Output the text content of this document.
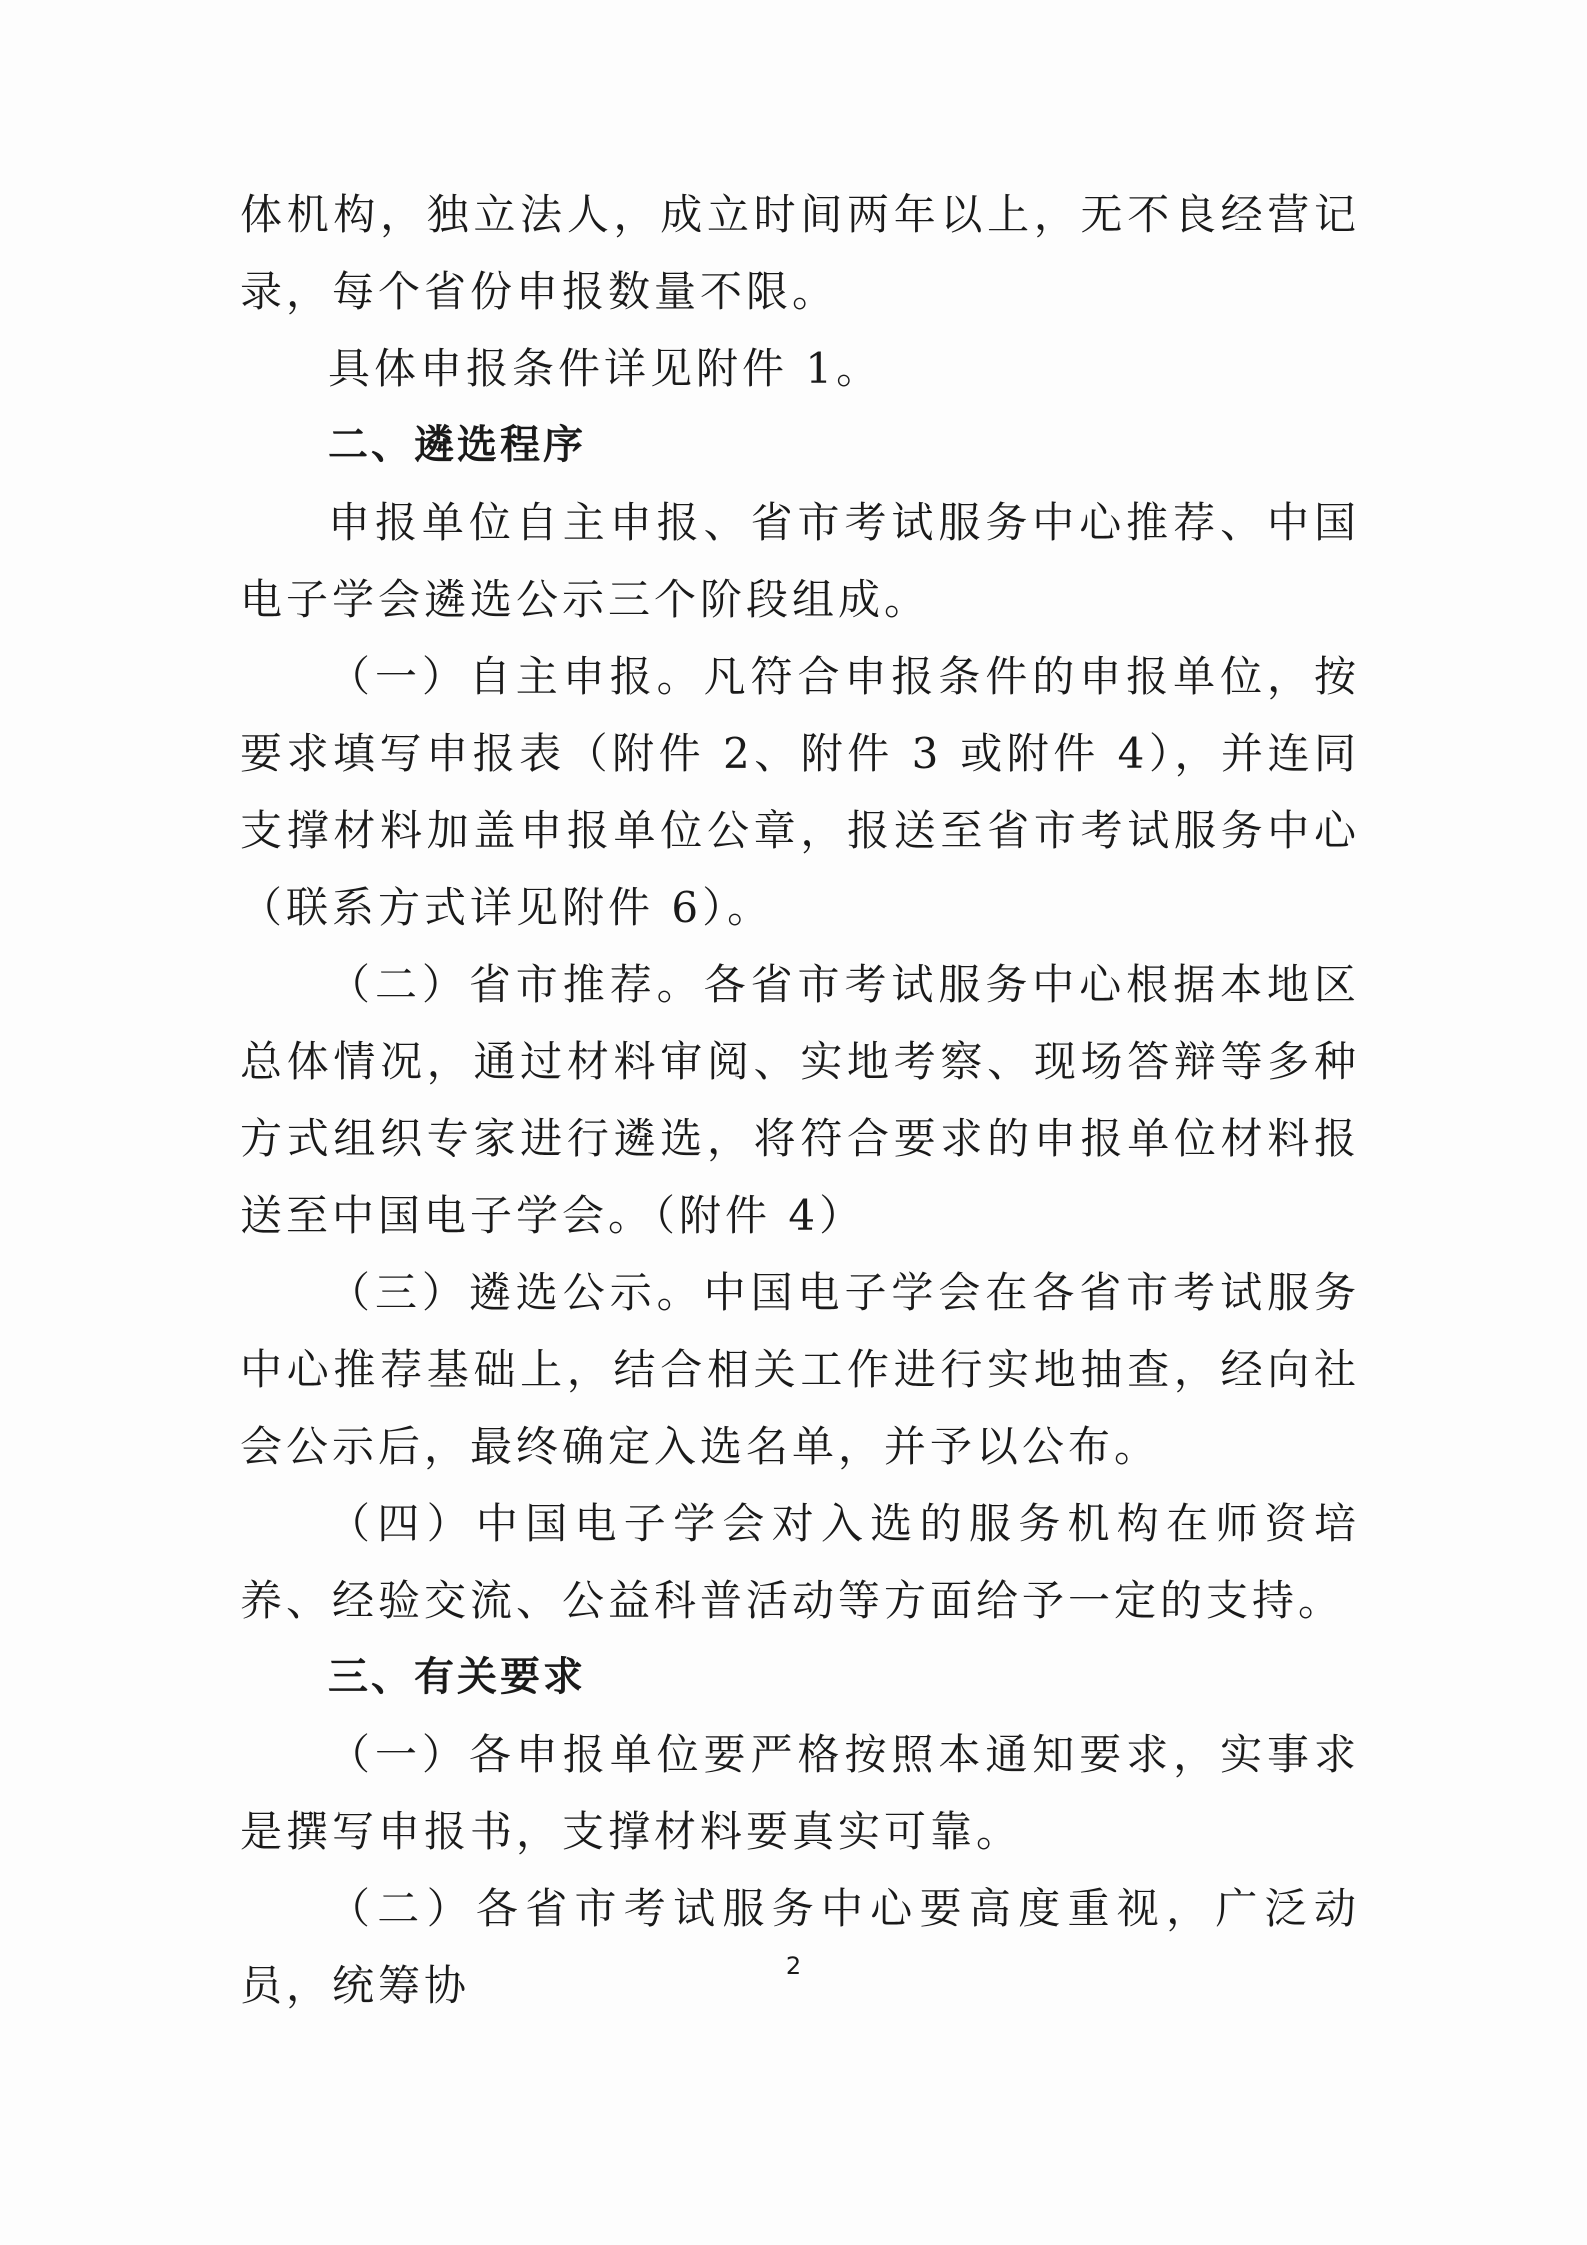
体机构，独立法人，成立时间两年以上，无不良经营记录，每个省份申报数量不限。

具体申报条件详见附件 1。

二、遴选程序

申报单位自主申报、省市考试服务中心推荐、中国电子学会遴选公示三个阶段组成。

（一）自主申报。凡符合申报条件的申报单位，按要求填写申报表（附件 2、附件 3 或附件 4），并连同支撑材料加盖申报单位公章，报送至省市考试服务中心（联系方式详见附件 6）。

（二）省市推荐。各省市考试服务中心根据本地区总体情况，通过材料审阅、实地考察、现场答辩等多种方式组织专家进行遴选，将符合要求的申报单位材料报送至中国电子学会。（附件 4）

（三）遴选公示。中国电子学会在各省市考试服务中心推荐基础上，结合相关工作进行实地抽查，经向社会公示后，最终确定入选名单，并予以公布。

（四）中国电子学会对入选的服务机构在师资培养、经验交流、公益科普活动等方面给予一定的支持。

三、有关要求

（一）各申报单位要严格按照本通知要求，实事求是撰写申报书，支撑材料要真实可靠。

（二）各省市考试服务中心要高度重视，广泛动员，统筹协	2
